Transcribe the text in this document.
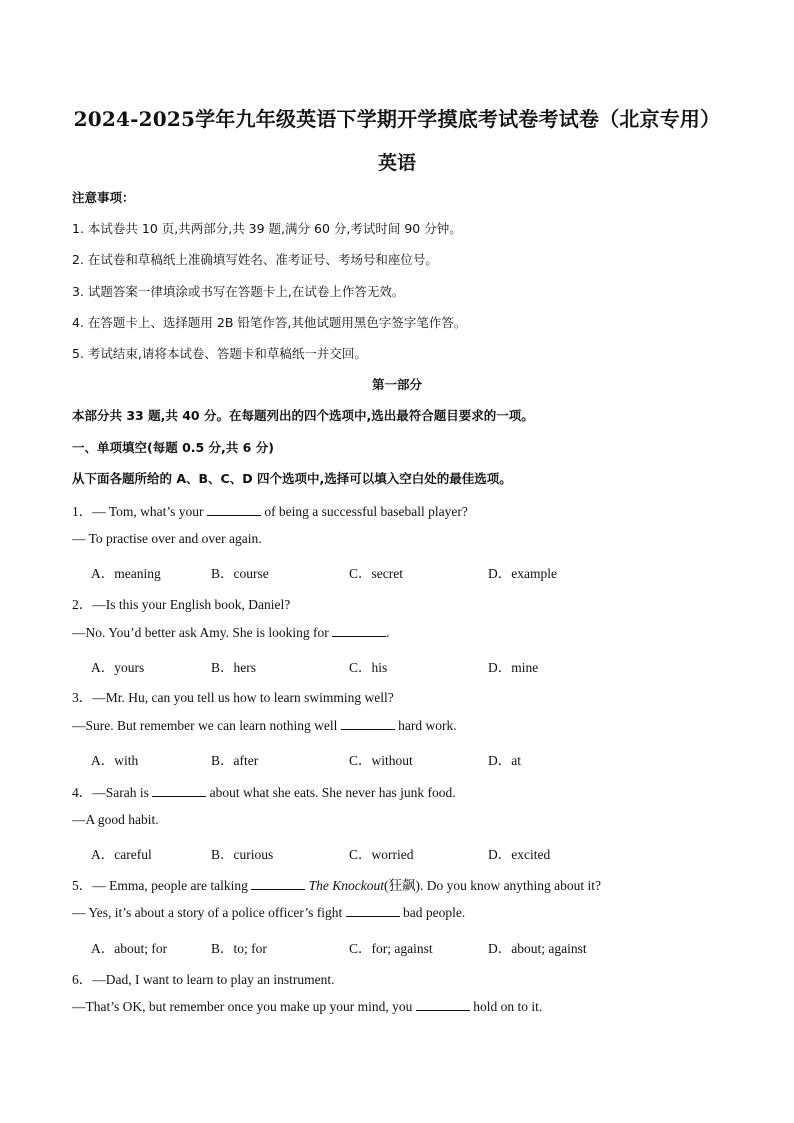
2024-2025学年九年级英语下学期开学摸底考试卷考试卷（北京专用）
英语
注意事项：
1. 本试卷共 10 页,共两部分,共 39 题,满分 60 分,考试时间 90 分钟。
2. 在试卷和草稿纸上准确填写姓名、准考证号、考场号和座位号。
3. 试题答案一律填涂或书写在答题卡上,在试卷上作答无效。
4. 在答题卡上、选择题用 2B 铅笔作答,其他试题用黑色字签字笔作答。
5. 考试结束,请将本试卷、答题卡和草稿纸一并交回。
第一部分
本部分共 33 题,共 40 分。在每题列出的四个选项中,选出最符合题目要求的一项。
一、单项填空(每题 0.5 分,共 6 分)
从下面各题所给的 A、B、C、D 四个选项中,选择可以填入空白处的最佳选项。
1．— Tom, what’s your	of being a successful baseball player?
— To practise over and over again.
A．meaning	B．course	C．secret	D．example
2．—Is this your English book, Daniel?
—No. You’d better ask Amy. She is looking for	.
A．yours	B．hers	C．his	D．mine
3．—Mr. Hu, can you tell us how to learn swimming well?
—Sure. But remember we can learn nothing well	hard work.
A．with	B．after	C．without	D．at
4．—Sarah is	about what she eats. She never has junk food.
—A good habit.
A．careful	B．curious	C．worried	D．excited
5．— Emma, people are talking	The Knockout(狂飙). Do you know anything about it?
— Yes, it’s about a story of a police officer’s fight	bad people.
A．about; for	B．to; for	C．for; against	D．about; against
6．—Dad, I want to learn to play an instrument.
—That’s OK, but remember once you make up your mind, you	hold on to it.
